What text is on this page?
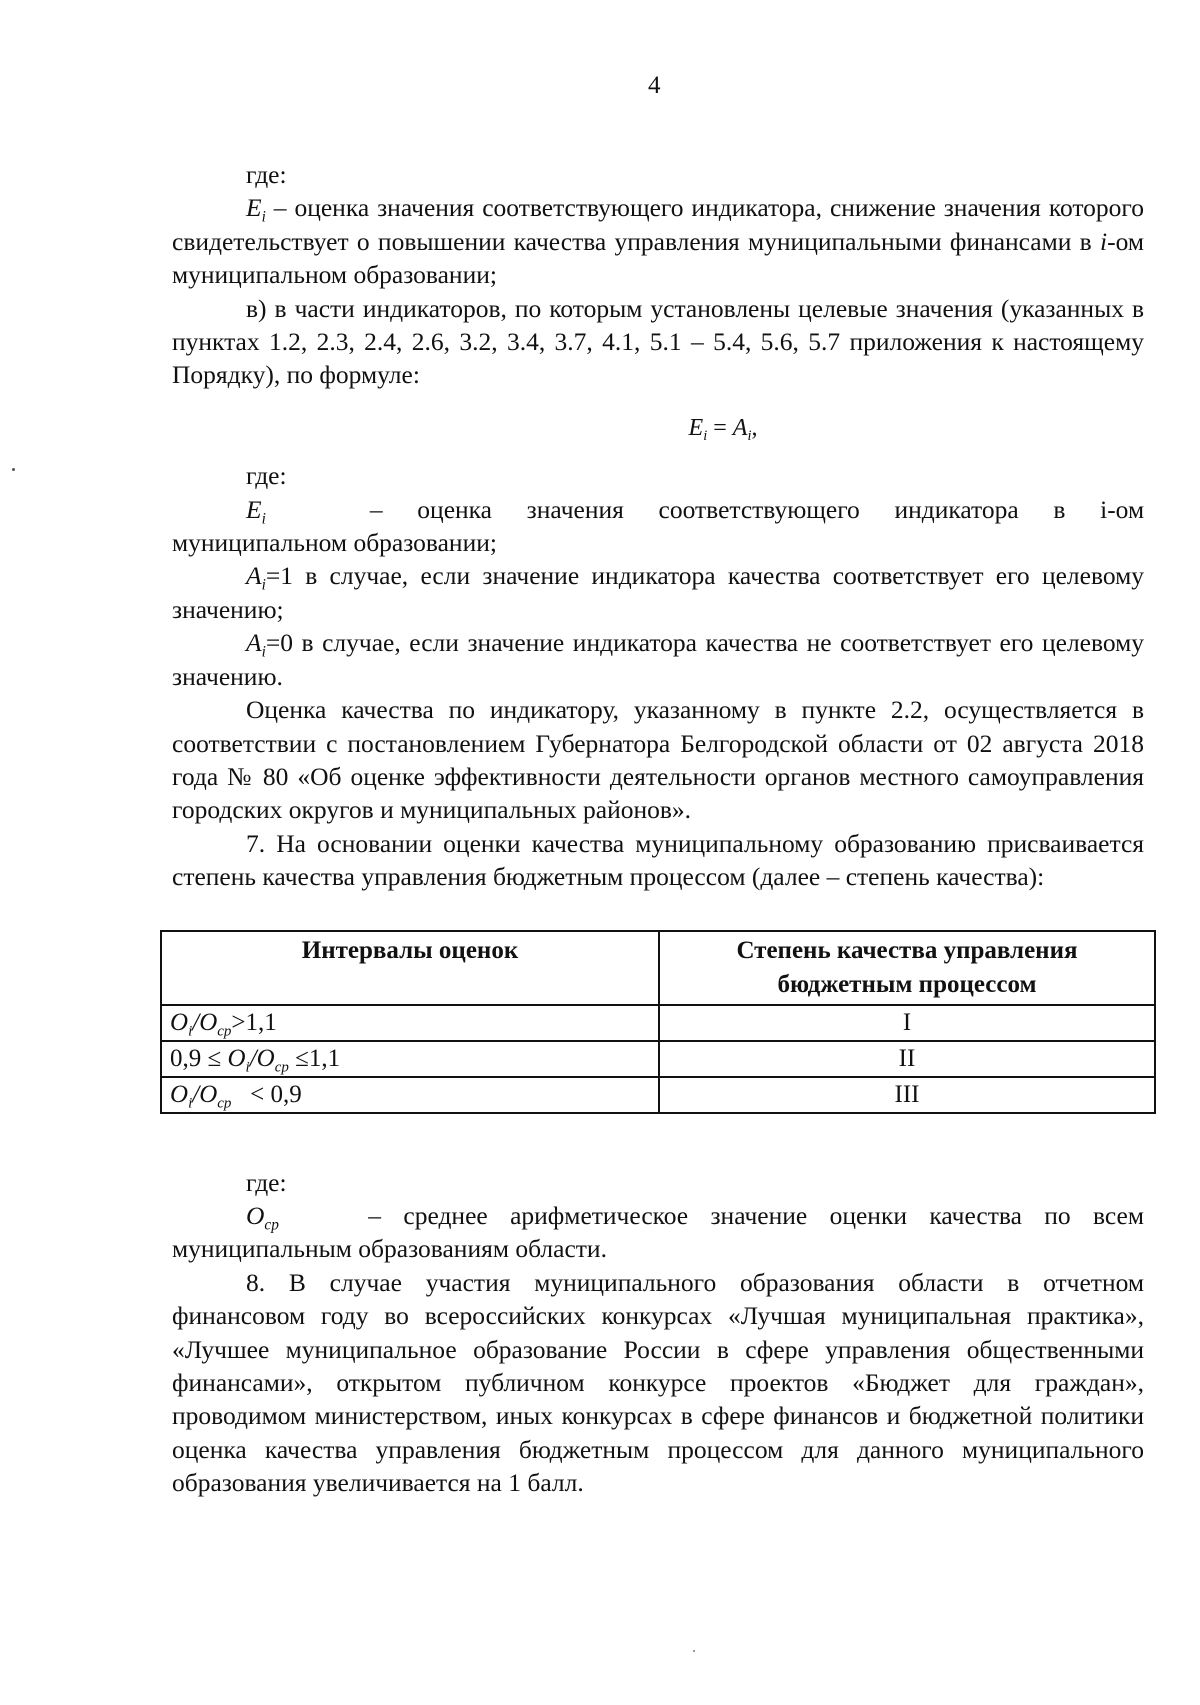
4

где:

$E_i$ – оценка значения соответствующего индикатора, снижение значения которого свидетельствует о повышении качества управления муниципальными финансами в i-ом муниципальном образовании;

в) в части индикаторов, по которым установлены целевые значения (указанных в пунктах 1.2, 2.3, 2.4, 2.6, 3.2, 3.4, 3.7, 4.1, 5.1 – 5.4, 5.6, 5.7 приложения к настоящему Порядку), по формуле:

$E_i = A_i$,

где:

$E_i$	– оценка значения соответствующего индикатора в i-ом

муниципальном образовании;

$A_i=1$ в случае, если значение индикатора качества соответствует его целевому значению;

$A_i=0$ в случае, если значение индикатора качества не соответствует его целевому значению.

Оценка качества по индикатору, указанному в пункте 2.2, осуществляется в соответствии с постановлением Губернатора Белгородской области от 02 августа 2018 года № 80 «Об оценке эффективности деятельности органов местного самоуправления городских округов и муниципальных районов».

7. На основании оценки качества муниципальному образованию присваивается степень качества управления бюджетным процессом (далее – степень качества):

Интервалы оценок	Степень качества управления бюджетным процессом
$O_i/O_{ср}>1,1$	I
$0,9 \le O_i/O_{ср} \le 1,1$	II
$O_i/O_{ср} < 0,9$	III

где:

$O_{ср}$	– среднее арифметическое значение оценки качества по всем муниципальным образованиям области.

8. В случае участия муниципального образования области в отчетном финансовом году во всероссийских конкурсах «Лучшая муниципальная практика», «Лучшее муниципальное образование России в сфере управления общественными финансами», открытом публичном конкурсе проектов «Бюджет для граждан», проводимом министерством, иных конкурсах в сфере финансов и бюджетной политики оценка качества управления бюджетным процессом для данного муниципального образования увеличивается на 1 балл.
